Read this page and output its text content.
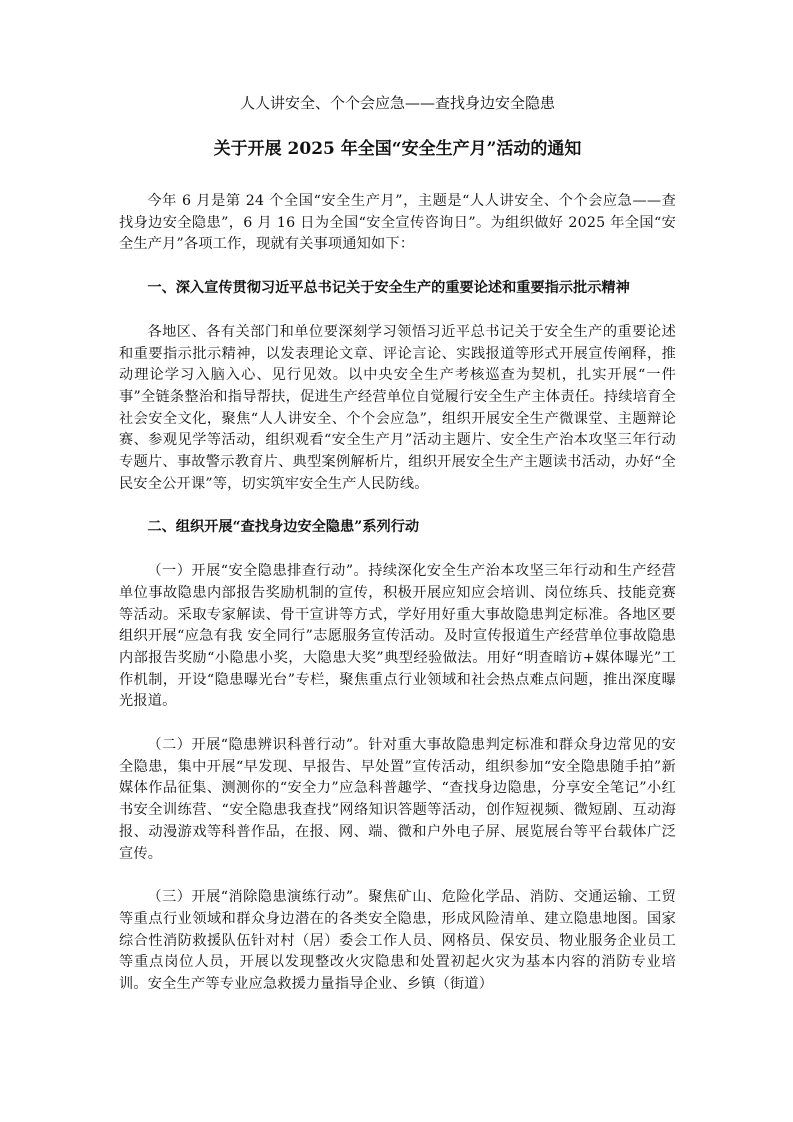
人人讲安全、个个会应急——查找身边安全隐患
关于开展 2025 年全国“安全生产月”活动的通知

今年 6 月是第 24 个全国“安全生产月”，主题是“人人讲安全、个个会应急——查找身边安全隐患”，6 月 16 日为全国“安全宣传咨询日”。为组织做好 2025 年全国“安全生产月”各项工作，现就有关事项通知如下：

一、深入宣传贯彻习近平总书记关于安全生产的重要论述和重要指示批示精神

各地区、各有关部门和单位要深刻学习领悟习近平总书记关于安全生产的重要论述和重要指示批示精神，以发表理论文章、评论言论、实践报道等形式开展宣传阐释，推动理论学习入脑入心、见行见效。以中央安全生产考核巡查为契机，扎实开展“一件事”全链条整治和指导帮扶，促进生产经营单位自觉履行安全生产主体责任。持续培育全社会安全文化，聚焦“人人讲安全、个个会应急”，组织开展安全生产微课堂、主题辩论赛、参观见学等活动，组织观看“安全生产月”活动主题片、安全生产治本攻坚三年行动专题片、事故警示教育片、典型案例解析片，组织开展安全生产主题读书活动，办好“全民安全公开课”等，切实筑牢安全生产人民防线。

二、组织开展“查找身边安全隐患”系列行动

（一）开展“安全隐患排查行动”。持续深化安全生产治本攻坚三年行动和生产经营单位事故隐患内部报告奖励机制的宣传，积极开展应知应会培训、岗位练兵、技能竞赛等活动。采取专家解读、骨干宣讲等方式，学好用好重大事故隐患判定标准。各地区要组织开展“应急有我 安全同行”志愿服务宣传活动。及时宣传报道生产经营单位事故隐患内部报告奖励“小隐患小奖，大隐患大奖”典型经验做法。用好“明查暗访+媒体曝光”工作机制，开设“隐患曝光台”专栏，聚焦重点行业领域和社会热点难点问题，推出深度曝光报道。

（二）开展“隐患辨识科普行动”。针对重大事故隐患判定标准和群众身边常见的安全隐患，集中开展“早发现、早报告、早处置”宣传活动，组织参加“安全隐患随手拍”新媒体作品征集、测测你的“安全力”应急科普趣学、“查找身边隐患，分享安全笔记”小红书安全训练营、“安全隐患我查找”网络知识答题等活动，创作短视频、微短剧、互动海报、动漫游戏等科普作品，在报、网、端、微和户外电子屏、展览展台等平台载体广泛宣传。

（三）开展“消除隐患演练行动”。聚焦矿山、危险化学品、消防、交通运输、工贸等重点行业领域和群众身边潜在的各类安全隐患，形成风险清单、建立隐患地图。国家综合性消防救援队伍针对村（居）委会工作人员、网格员、保安员、物业服务企业员工等重点岗位人员，开展以发现整改火灾隐患和处置初起火灾为基本内容的消防专业培训。安全生产等专业应急救援力量指导企业、乡镇（街道）
